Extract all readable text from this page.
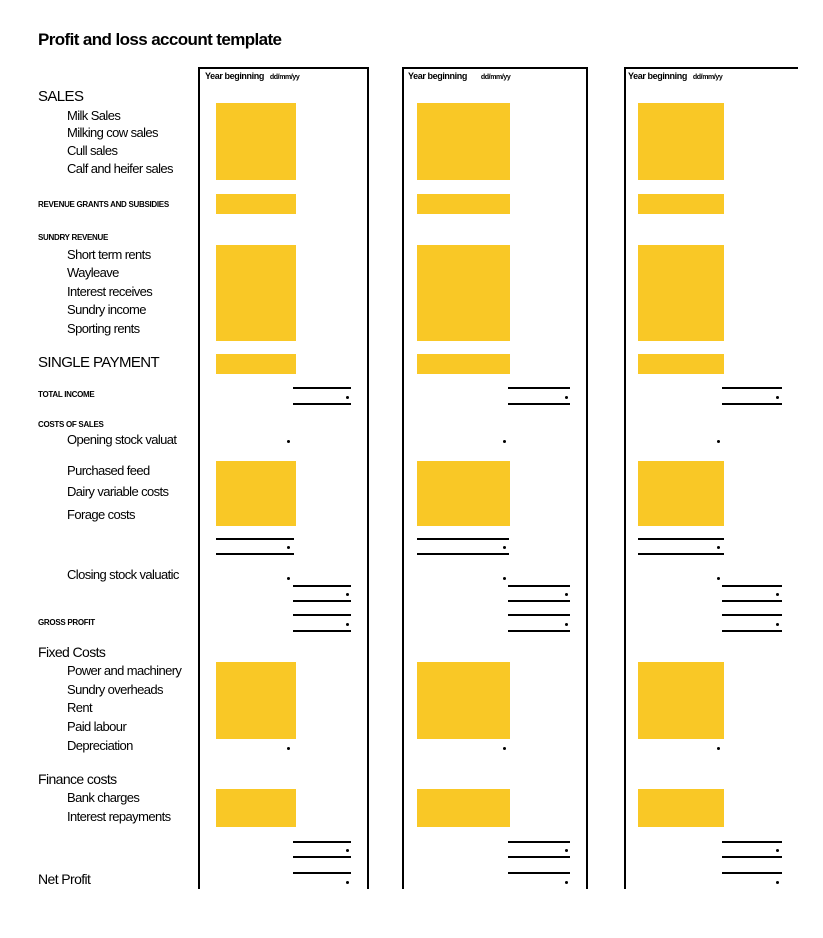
Profit and loss account template
Year beginning dd/mm/yy	Year beginning dd/mm/yy	Year beginning dd/mm/yy
SALES
Milk Sales
Milking cow sales
Cull sales
Calf and heifer sales
REVENUE GRANTS AND SUBSIDIES
SUNDRY REVENUE
Short term rents
Wayleave
Interest receives
Sundry income
Sporting rents
SINGLE PAYMENT
TOTAL INCOME
COSTS OF SALES
Opening stock valuat
Purchased feed
Dairy variable costs
Forage costs
Closing stock valuatic
GROSS PROFIT
Fixed Costs
Power and machinery
Sundry overheads
Rent
Paid labour
Depreciation
Finance costs
Bank charges
Interest repayments
Net Profit
